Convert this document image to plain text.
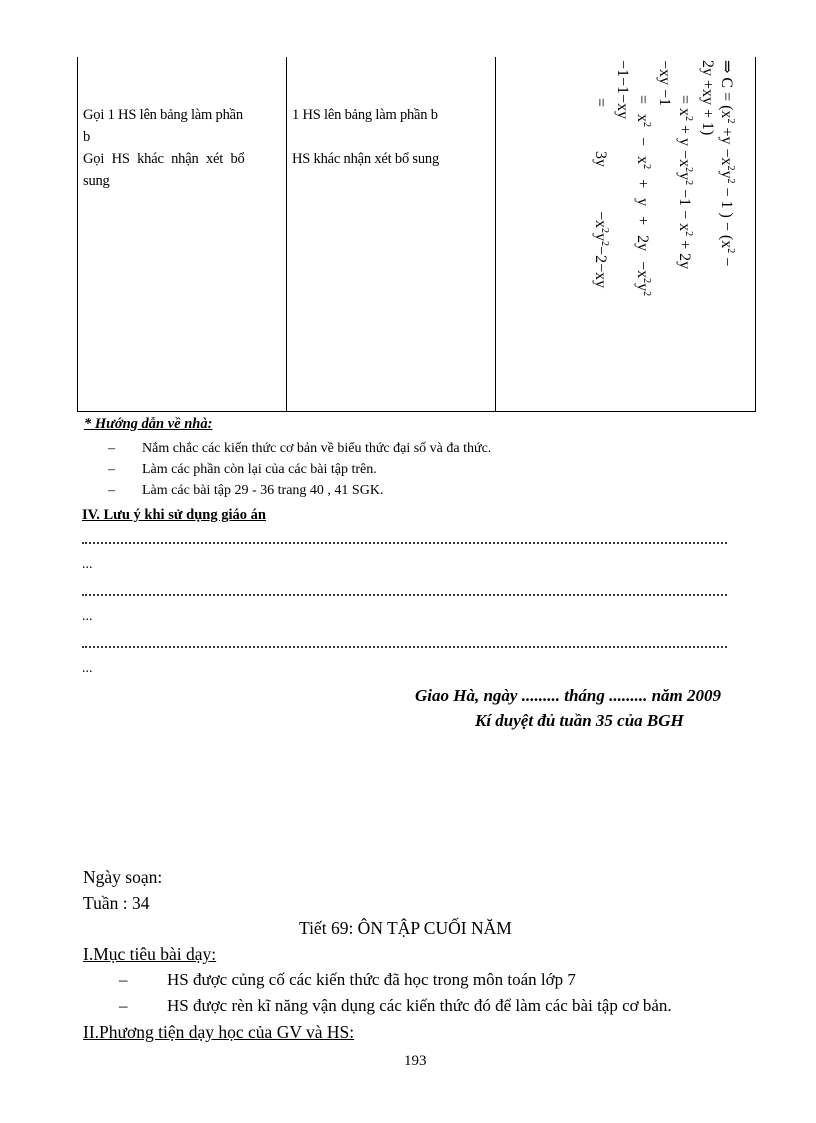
Gọi 1 HS lên bảng làm phần
b
Gọi HS khác nhận xét bổ
sung
1 HS lên bảng làm phần b
HS khác nhận xét bổ sung
⇒ $C = (x^2 +y -x^2y^2 - 1$ ) − ($x^2$ −
2y +xy + 1)
= $x^2 + y -x^2y^2 -1 - x^2 + 2y$
−xy −1
= $x^2 - x^2 + y + 2y -x^2y^2$
−1−1−xy
= $3y -x^2y^2-2-xy$
* Hướng dẫn về nhà:
– Nắm chắc các kiến thức cơ bản về biểu thức đại số và đa thức.
– Làm các phần còn lại của các bài tập trên.
– Làm các bài tập 29 - 36 trang 40 , 41 SGK.
IV. Lưu ý khi sử dụng giáo án
...
...
...
Giao Hà, ngày ......... tháng ......... năm 2009
Kí duyệt đủ tuần 35 của BGH
Ngày soạn:
Tuần : 34
Tiết 69: ÔN TẬP CUỐI NĂM
I.Mục tiêu bài dạy:
– HS được củng cố các kiến thức đã học trong môn toán lớp 7
– HS được rèn kĩ năng vận dụng các kiến thức đó để làm các bài tập cơ bản.
II.Phương tiện dạy học của GV và HS:
193
